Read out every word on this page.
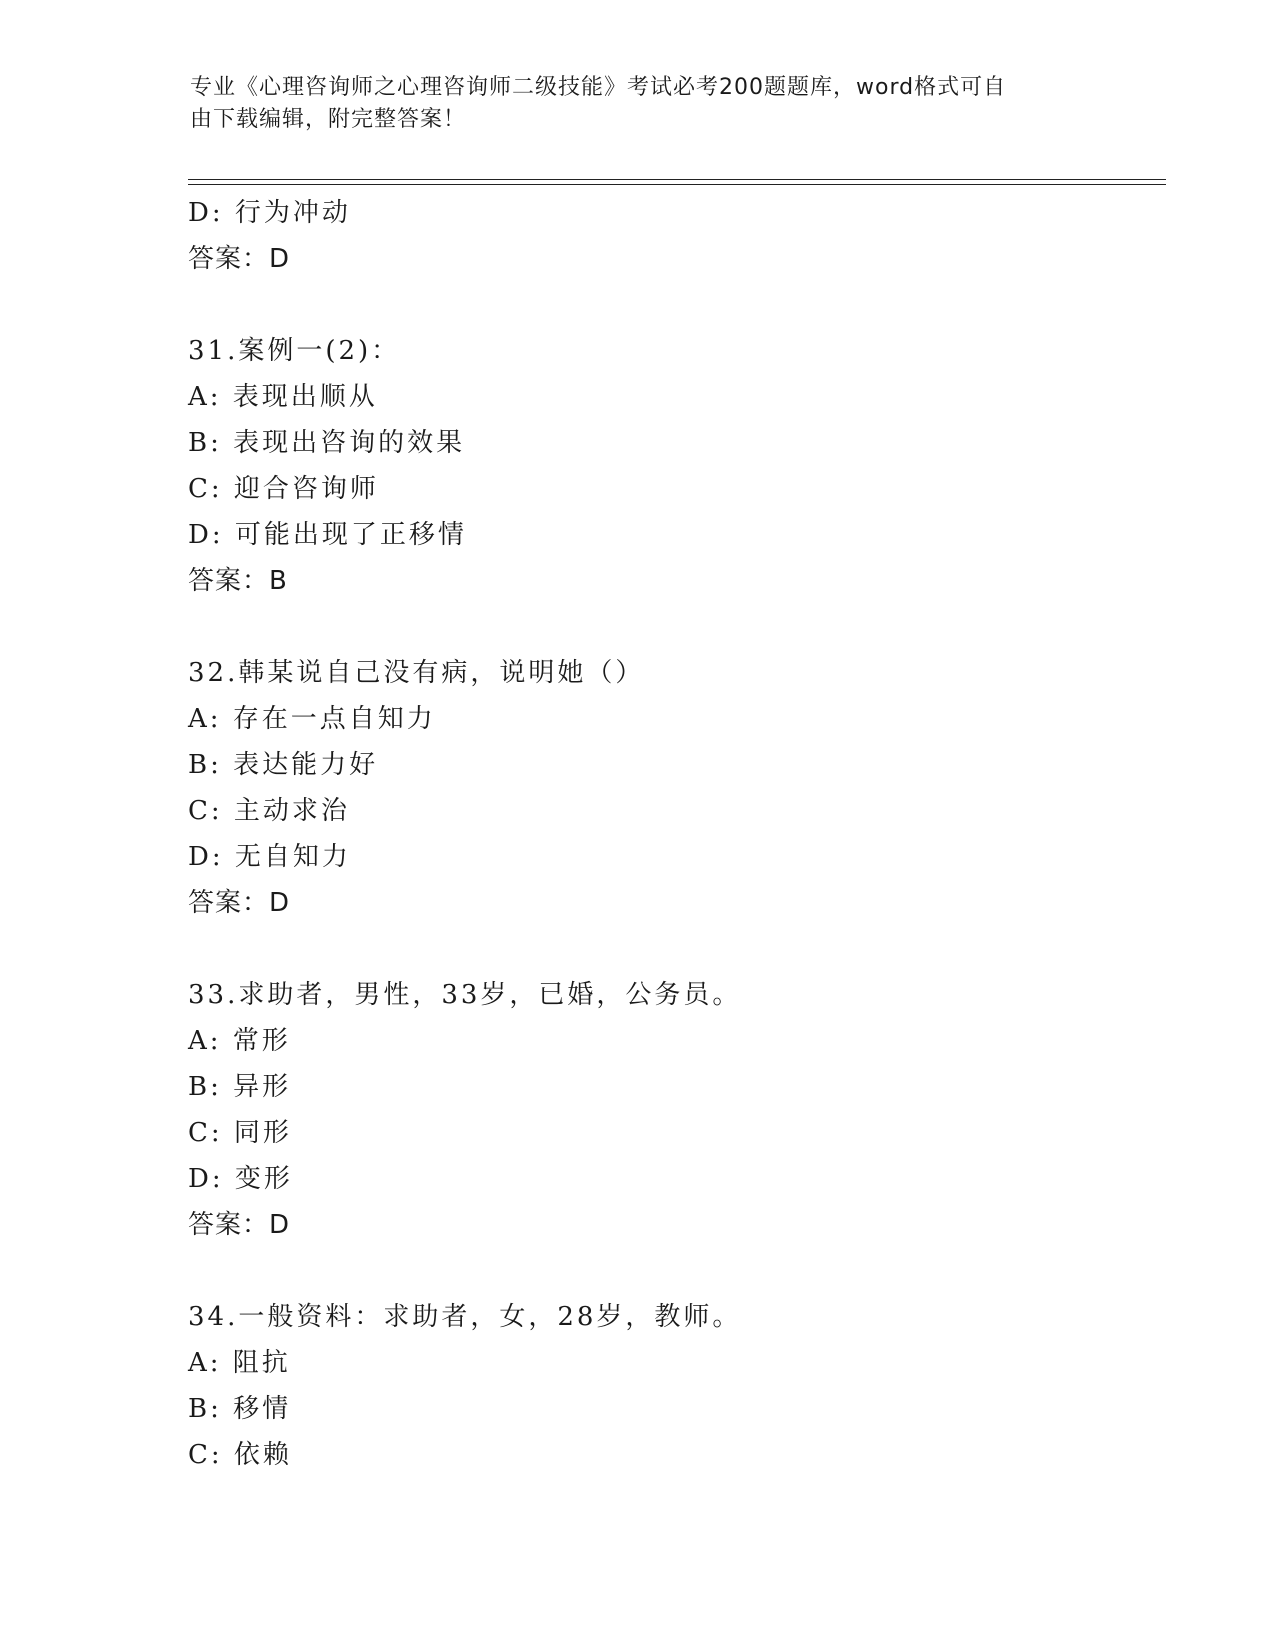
专业《心理咨询师之心理咨询师二级技能》考试必考200题题库，word格式可自
由下载编辑，附完整答案！
D: 行为冲动
答案：D
31.案例一(2)：
A: 表现出顺从
B: 表现出咨询的效果
C: 迎合咨询师
D: 可能出现了正移情
答案：B
32.韩某说自己没有病，说明她（）
A: 存在一点自知力
B: 表达能力好
C: 主动求治
D: 无自知力
答案：D
33.求助者，男性，33岁，已婚，公务员。
A: 常形
B: 异形
C: 同形
D: 变形
答案：D
34.一般资料：求助者，女，28岁，教师。
A: 阻抗
B: 移情
C: 依赖
